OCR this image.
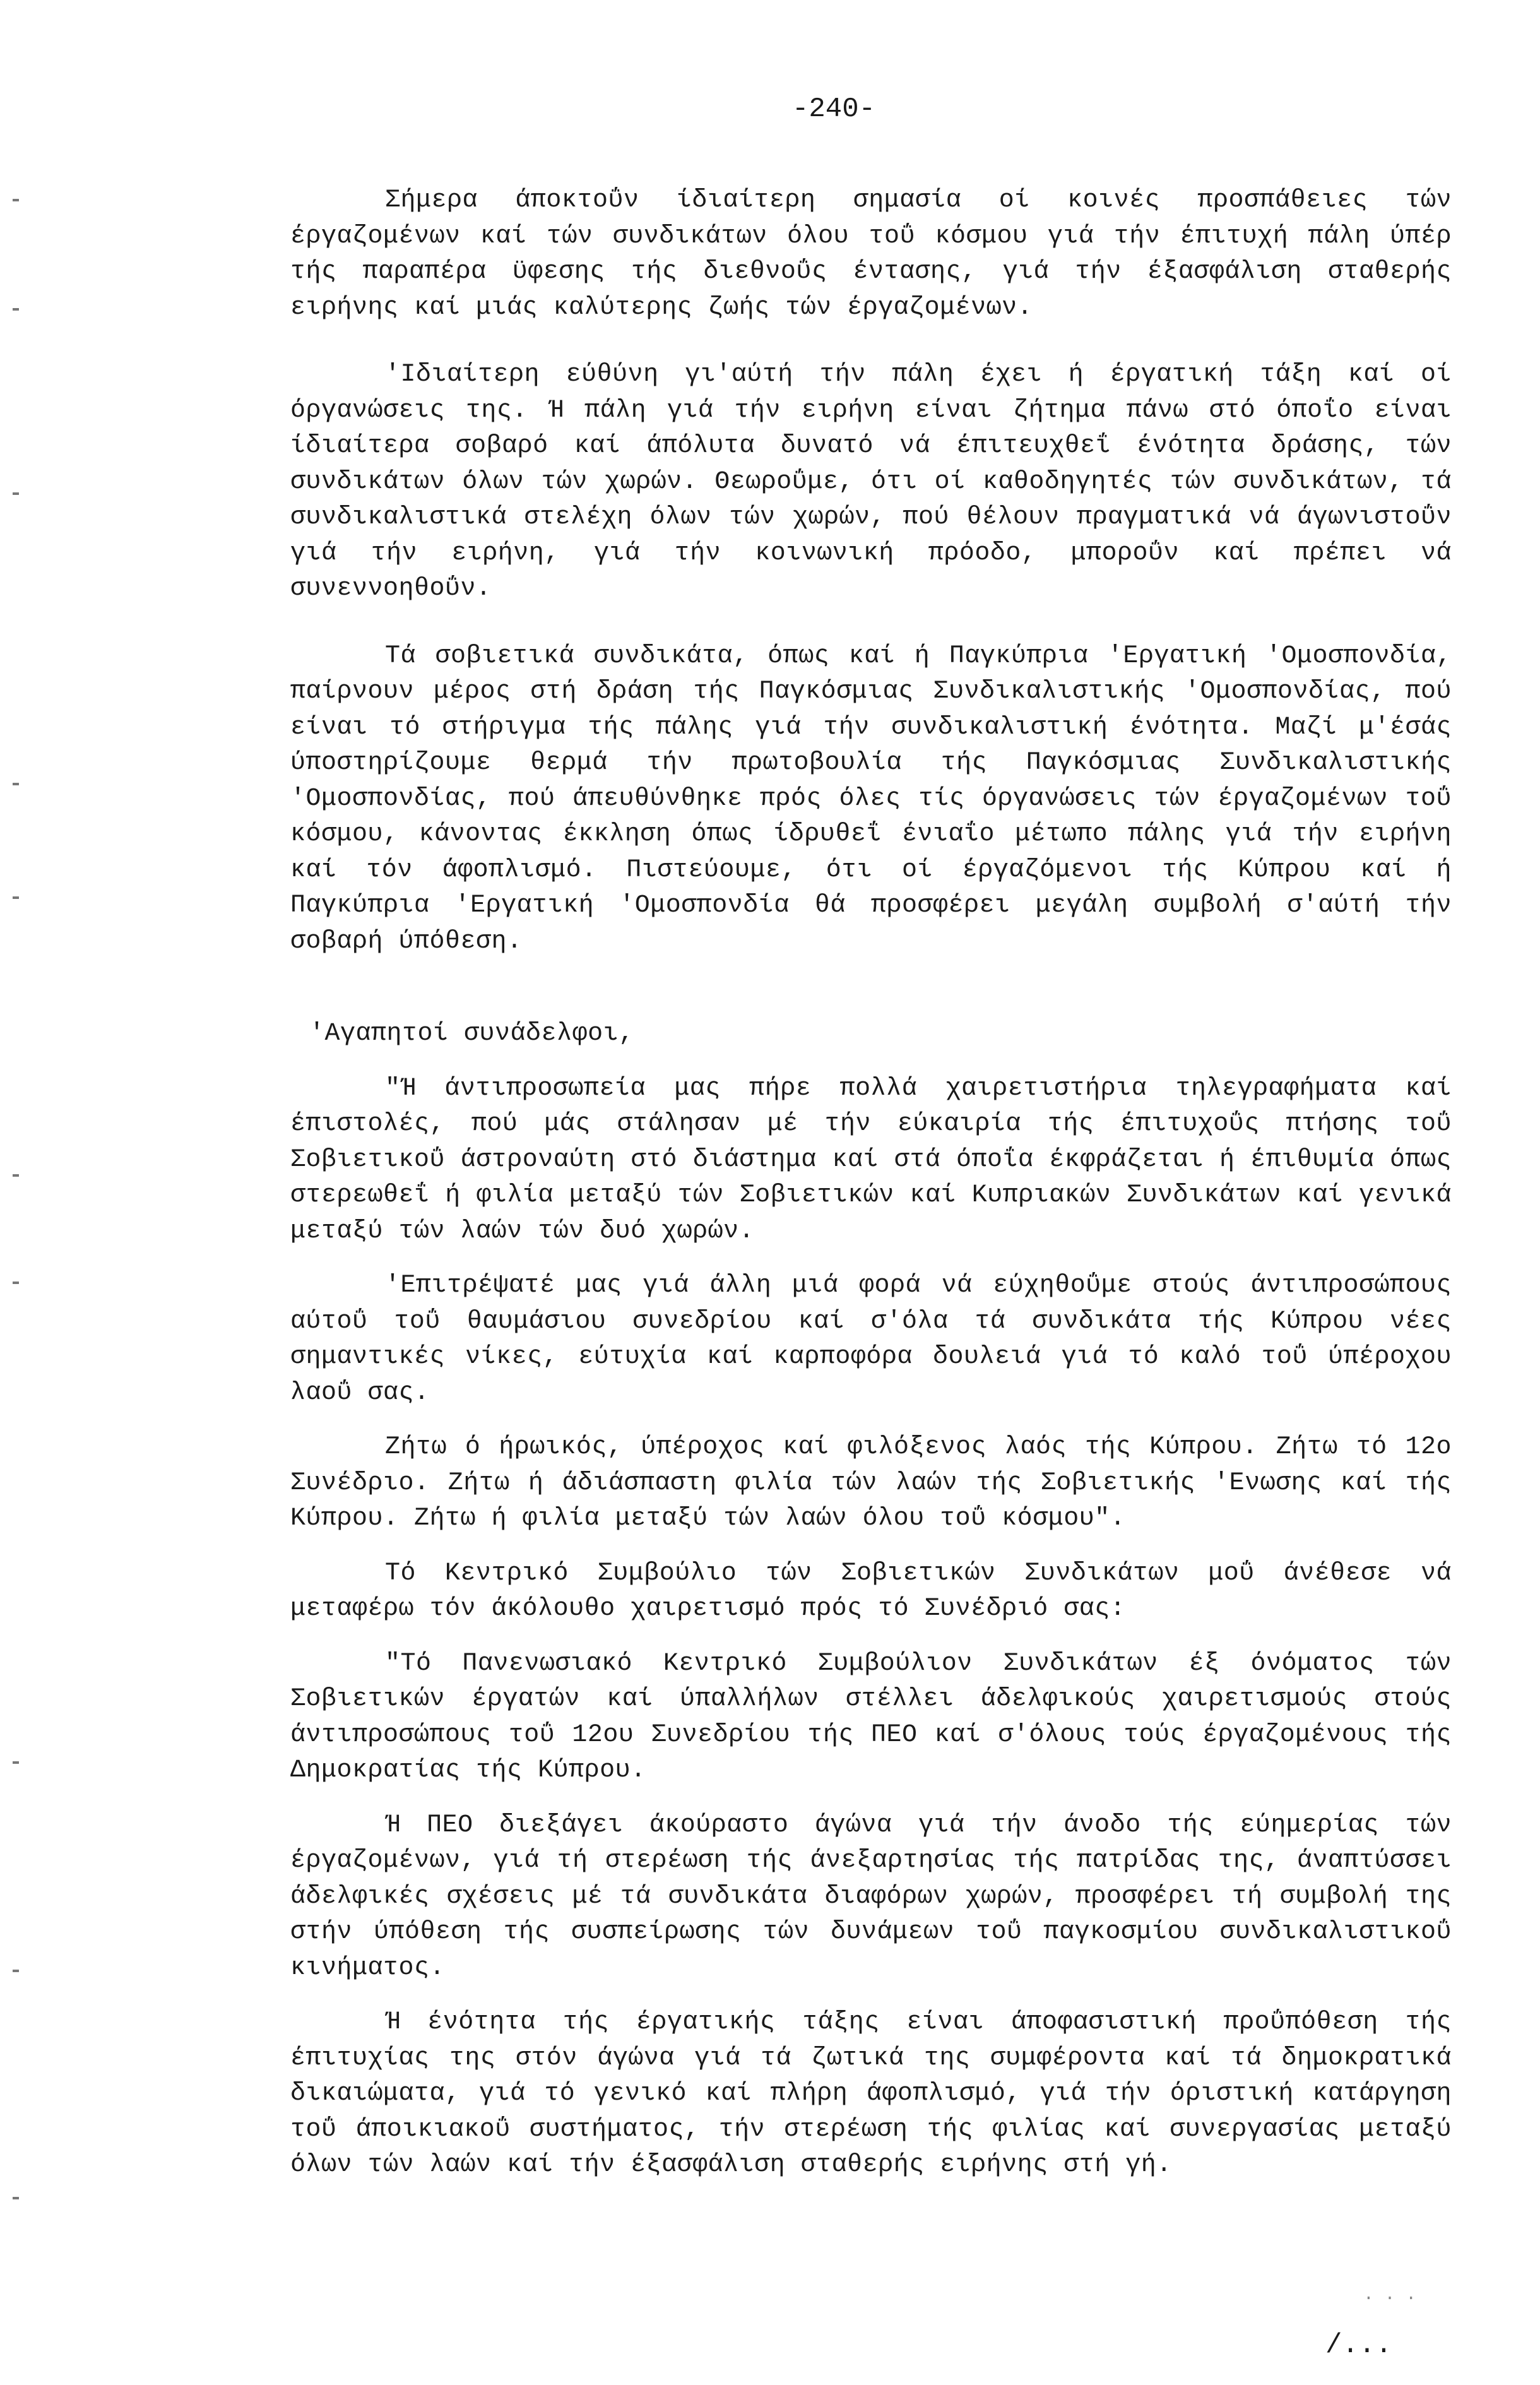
-240-

Σήμερα άποκτοΰν ίδιαίτερη σημασία οί κοινές προσπάθειες τών έργαζομένων καί τών συνδικάτων όλου τοΰ κόσμου γιά τήν έπιτυχή πάλη ύπέρ τής παραπέρα ϋφεσης τής διεθνοΰς έντασης, γιά τήν έξασφάλιση σταθερής ειρήνης καί μιάς καλύτερης ζωής τών έργαζομένων.

'Ιδιαίτερη εύθύνη γι'αύτή τήν πάλη έχει ή έργατική τάξη καί οί όργανώσεις της. Ή πάλη γιά τήν ειρήνη είναι ζήτημα πάνω στό όποΐο είναι ίδιαίτερα σοβαρό καί άπόλυτα δυνατό νά έπιτευχθεΐ ένότητα δράσης, τών συνδικάτων όλων τών χωρών. Θεωροΰμε, ότι οί καθοδηγητές τών συνδικάτων, τά συνδικαλιστικά στελέχη όλων τών χωρών, πού θέλουν πραγματικά νά άγωνιστοΰν γιά τήν ειρήνη, γιά τήν κοινωνική πρόοδο, μποροΰν καί πρέπει νά συνεννοηθοΰν.

Τά σοβιετικά συνδικάτα, όπως καί ή Παγκύπρια 'Εργατική 'Ομοσπονδία, παίρνουν μέρος στή δράση τής Παγκόσμιας Συνδικαλιστικής 'Ομοσπονδίας, πού είναι τό στήριγμα τής πάλης γιά τήν συνδικαλιστική ένότητα. Μαζί μ'έσάς ύποστηρίζουμε θερμά τήν πρωτοβουλία τής Παγκόσμιας Συνδικαλιστικής 'Ομοσπονδίας, πού άπευθύνθηκε πρός όλες τίς όργανώσεις τών έργαζομένων τοΰ κόσμου, κάνοντας έκκληση όπως ίδρυθεΐ ένιαΐο μέτωπο πάλης γιά τήν ειρήνη καί τόν άφοπλισμό. Πιστεύουμε, ότι οί έργαζόμενοι τής Κύπρου καί ή Παγκύπρια 'Εργατική 'Ομοσπονδία θά προσφέρει μεγάλη συμβολή σ'αύτή τήν σοβαρή ύπόθεση.

'Αγαπητοί συνάδελφοι,

"Ή άντιπροσωπεία μας πήρε πολλά χαιρετιστήρια τηλεγραφήματα καί έπιστολές, πού μάς στάλησαν μέ τήν εύκαιρία τής έπιτυχοΰς πτήσης τοΰ Σοβιετικοΰ άστροναύτη στό διάστημα καί στά όποΐα έκφράζεται ή έπιθυμία όπως στερεωθεΐ ή φιλία μεταξύ τών Σοβιετικών καί Κυπριακών Συνδικάτων καί γενικά μεταξύ τών λαών τών δυό χωρών.

'Επιτρέψατέ μας γιά άλλη μιά φορά νά εύχηθοΰμε στούς άντιπροσώπους αύτοΰ τοΰ θαυμάσιου συνεδρίου καί σ'όλα τά συνδικάτα τής Κύπρου νέες σημαντικές νίκες, εύτυχία καί καρποφόρα δουλειά γιά τό καλό τοΰ ύπέροχου λαοΰ σας.

Ζήτω ό ήρωικός, ύπέροχος καί φιλόξενος λαός τής Κύπρου. Ζήτω τό 12ο Συνέδριο. Ζήτω ή άδιάσπαστη φιλία τών λαών τής Σοβιετικής 'Ενωσης καί τής Κύπρου. Ζήτω ή φιλία μεταξύ τών λαών όλου τοΰ κόσμου".

Τό Κεντρικό Συμβούλιο τών Σοβιετικών Συνδικάτων μοΰ άνέθεσε νά μεταφέρω τόν άκόλουθο χαιρετισμό πρός τό Συνέδριό σας:

"Τό Πανενωσιακό Κεντρικό Συμβούλιον Συνδικάτων έξ όνόματος τών Σοβιετικών έργατών καί ύπαλλήλων στέλλει άδελφικούς χαιρετισμούς στούς άντιπροσώπους τοΰ 12ου Συνεδρίου τής ΠΕΟ καί σ'όλους τούς έργαζομένους τής Δημοκρατίας τής Κύπρου.

Ή ΠΕΟ διεξάγει άκούραστο άγώνα γιά τήν άνοδο τής εύημερίας τών έργαζομένων, γιά τή στερέωση τής άνεξαρτησίας τής πατρίδας της, άναπτύσσει άδελφικές σχέσεις μέ τά συνδικάτα διαφόρων χωρών, προσφέρει τή συμβολή της στήν ύπόθεση τής συσπείρωσης τών δυνάμεων τοΰ παγκοσμίου συνδικαλιστικοΰ κινήματος.

Ή ένότητα τής έργατικής τάξης είναι άποφασιστική προΰπόθεση τής έπιτυχίας της στόν άγώνα γιά τά ζωτικά της συμφέροντα καί τά δημοκρατικά δικαιώματα, γιά τό γενικό καί πλήρη άφοπλισμό, γιά τήν όριστική κατάργηση τοΰ άποικιακοΰ συστήματος, τήν στερέωση τής φιλίας καί συνεργασίας μεταξύ όλων τών λαών καί τήν έξασφάλιση σταθερής ειρήνης στή γή.

. . .
/...
